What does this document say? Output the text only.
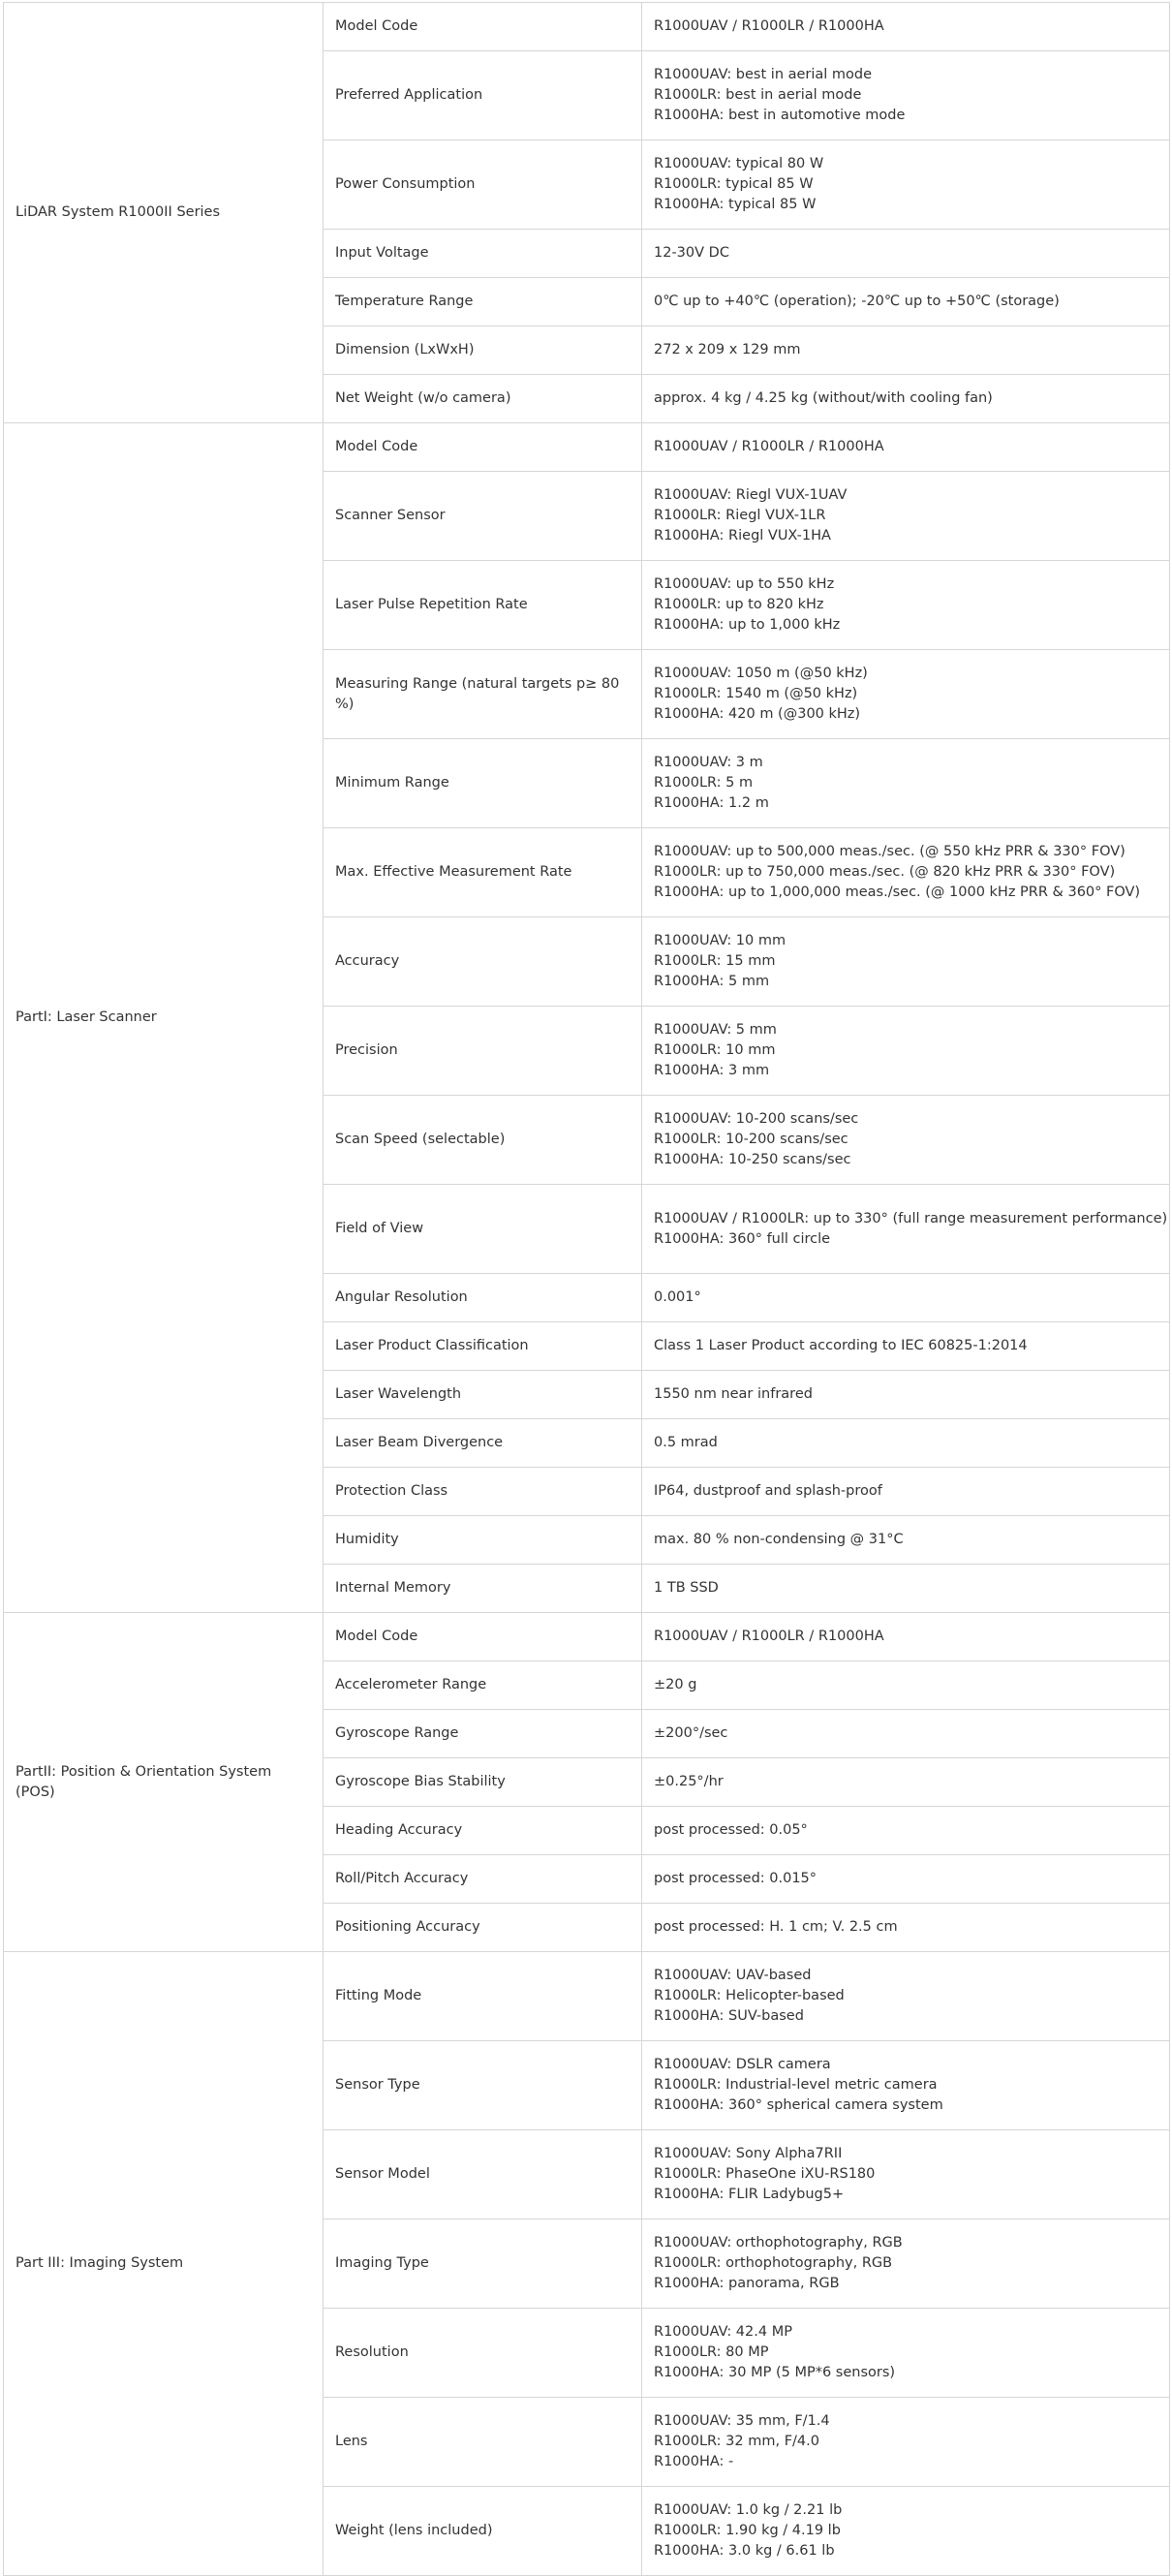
LiDAR System R1000II Series	Model Code	R1000UAV / R1000LR / R1000HA

	Preferred Application	R1000UAV: best in aerial mode
R1000LR: best in aerial mode
R1000HA: best in automotive mode

	Power Consumption	R1000UAV: typical 80 W
R1000LR: typical 85 W
R1000HA: typical 85 W

	Input Voltage	12-30V DC

	Temperature Range	0℃ up to +40℃ (operation); -20℃ up to +50℃ (storage)

	Dimension (LxWxH)	272 x 209 x 129 mm

	Net Weight (w/o camera)	approx. 4 kg / 4.25 kg (without/with cooling fan)

PartI: Laser Scanner	Model Code	R1000UAV / R1000LR / R1000HA

	Scanner Sensor	R1000UAV: Riegl VUX-1UAV
R1000LR: Riegl VUX-1LR
R1000HA: Riegl VUX-1HA

	Laser Pulse Repetition Rate	R1000UAV: up to 550 kHz
R1000LR: up to 820 kHz
R1000HA: up to 1,000 kHz

	Measuring Range (natural targets p≥ 80 %)	R1000UAV: 1050 m (@50 kHz)
R1000LR: 1540 m (@50 kHz)
R1000HA: 420 m (@300 kHz)

	Minimum Range	R1000UAV: 3 m
R1000LR: 5 m
R1000HA: 1.2 m

	Max. Effective Measurement Rate	R1000UAV: up to 500,000 meas./sec. (@ 550 kHz PRR & 330° FOV)
R1000LR: up to 750,000 meas./sec. (@ 820 kHz PRR & 330° FOV)
R1000HA: up to 1,000,000 meas./sec. (@ 1000 kHz PRR & 360° FOV)

	Accuracy	R1000UAV: 10 mm
R1000LR: 15 mm
R1000HA: 5 mm

	Precision	R1000UAV: 5 mm
R1000LR: 10 mm
R1000HA: 3 mm

	Scan Speed (selectable)	R1000UAV: 10-200 scans/sec
R1000LR: 10-200 scans/sec
R1000HA: 10-250 scans/sec

	Field of View	R1000UAV / R1000LR: up to 330° (full range measurement performance)
R1000HA: 360° full circle

	Angular Resolution	0.001°

	Laser Product Classification	Class 1 Laser Product according to IEC 60825-1:2014

	Laser Wavelength	1550 nm near infrared

	Laser Beam Divergence	0.5 mrad

	Protection Class	IP64, dustproof and splash-proof

	Humidity	max. 80 % non-condensing @ 31°C

	Internal Memory	1 TB SSD

PartII: Position & Orientation System (POS)	Model Code	R1000UAV / R1000LR / R1000HA

	Accelerometer Range	±20 g

	Gyroscope Range	±200°/sec

	Gyroscope Bias Stability	±0.25°/hr

	Heading Accuracy	post processed: 0.05°

	Roll/Pitch Accuracy	post processed: 0.015°

	Positioning Accuracy	post processed: H. 1 cm; V. 2.5 cm

Part III: Imaging System	Fitting Mode	R1000UAV: UAV-based
R1000LR: Helicopter-based
R1000HA: SUV-based

	Sensor Type	R1000UAV: DSLR camera
R1000LR: Industrial-level metric camera
R1000HA: 360° spherical camera system

	Sensor Model	R1000UAV: Sony Alpha7RII
R1000LR: PhaseOne iXU-RS180
R1000HA: FLIR Ladybug5+

	Imaging Type	R1000UAV: orthophotography, RGB
R1000LR: orthophotography, RGB
R1000HA: panorama, RGB

	Resolution	R1000UAV: 42.4 MP
R1000LR: 80 MP
R1000HA: 30 MP (5 MP*6 sensors)

	Lens	R1000UAV: 35 mm, F/1.4
R1000LR: 32 mm, F/4.0
R1000HA: -

	Weight (lens included)	R1000UAV: 1.0 kg / 2.21 lb
R1000LR: 1.90 kg / 4.19 lb
R1000HA: 3.0 kg / 6.61 lb
